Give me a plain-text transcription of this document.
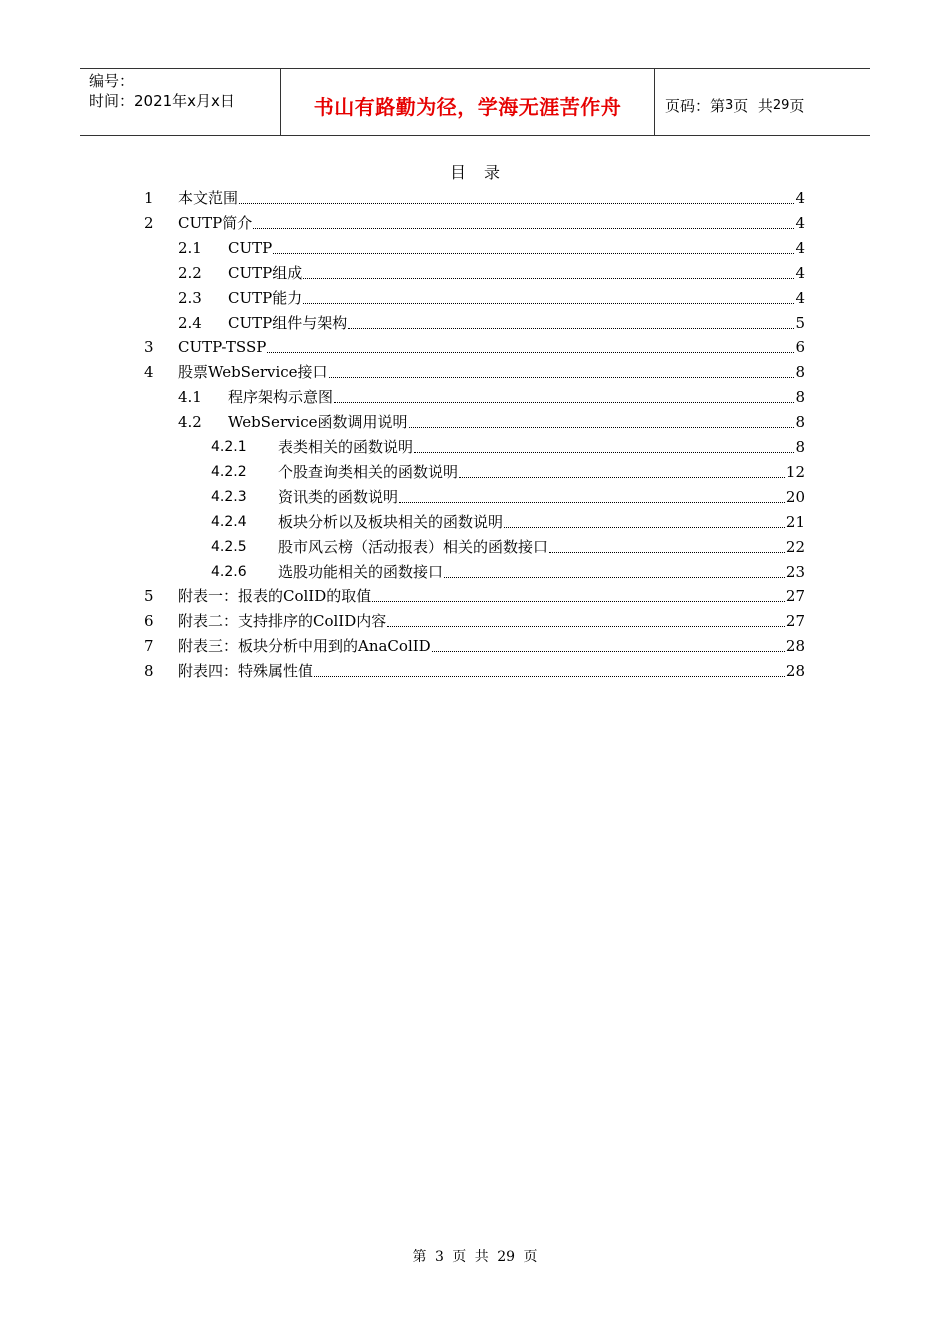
编号：
时间：2021年x月x日	书山有路勤为径，学海无涯苦作舟	页码：第 3 页  共 29 页
目录
1	本文范围	4
2	CUTP简介	4
2.1	CUTP	4
2.2	CUTP组成	4
2.3	CUTP能力	4
2.4	CUTP组件与架构	5
3	CUTP-TSSP	6
4	股票WebService接口	8
4.1	程序架构示意图	8
4.2	WebService函数调用说明	8
4.2.1	表类相关的函数说明	8
4.2.2	个股查询类相关的函数说明	12
4.2.3	资讯类的函数说明	20
4.2.4	板块分析以及板块相关的函数说明	21
4.2.5	股市风云榜（活动报表）相关的函数接口	22
4.2.6	选股功能相关的函数接口	23
5	附表一：报表的ColID的取值	27
6	附表二：支持排序的ColID内容	27
7	附表三：板块分析中用到的AnaColID	28
8	附表四：特殊属性值	28
第 3 页 共 29 页
